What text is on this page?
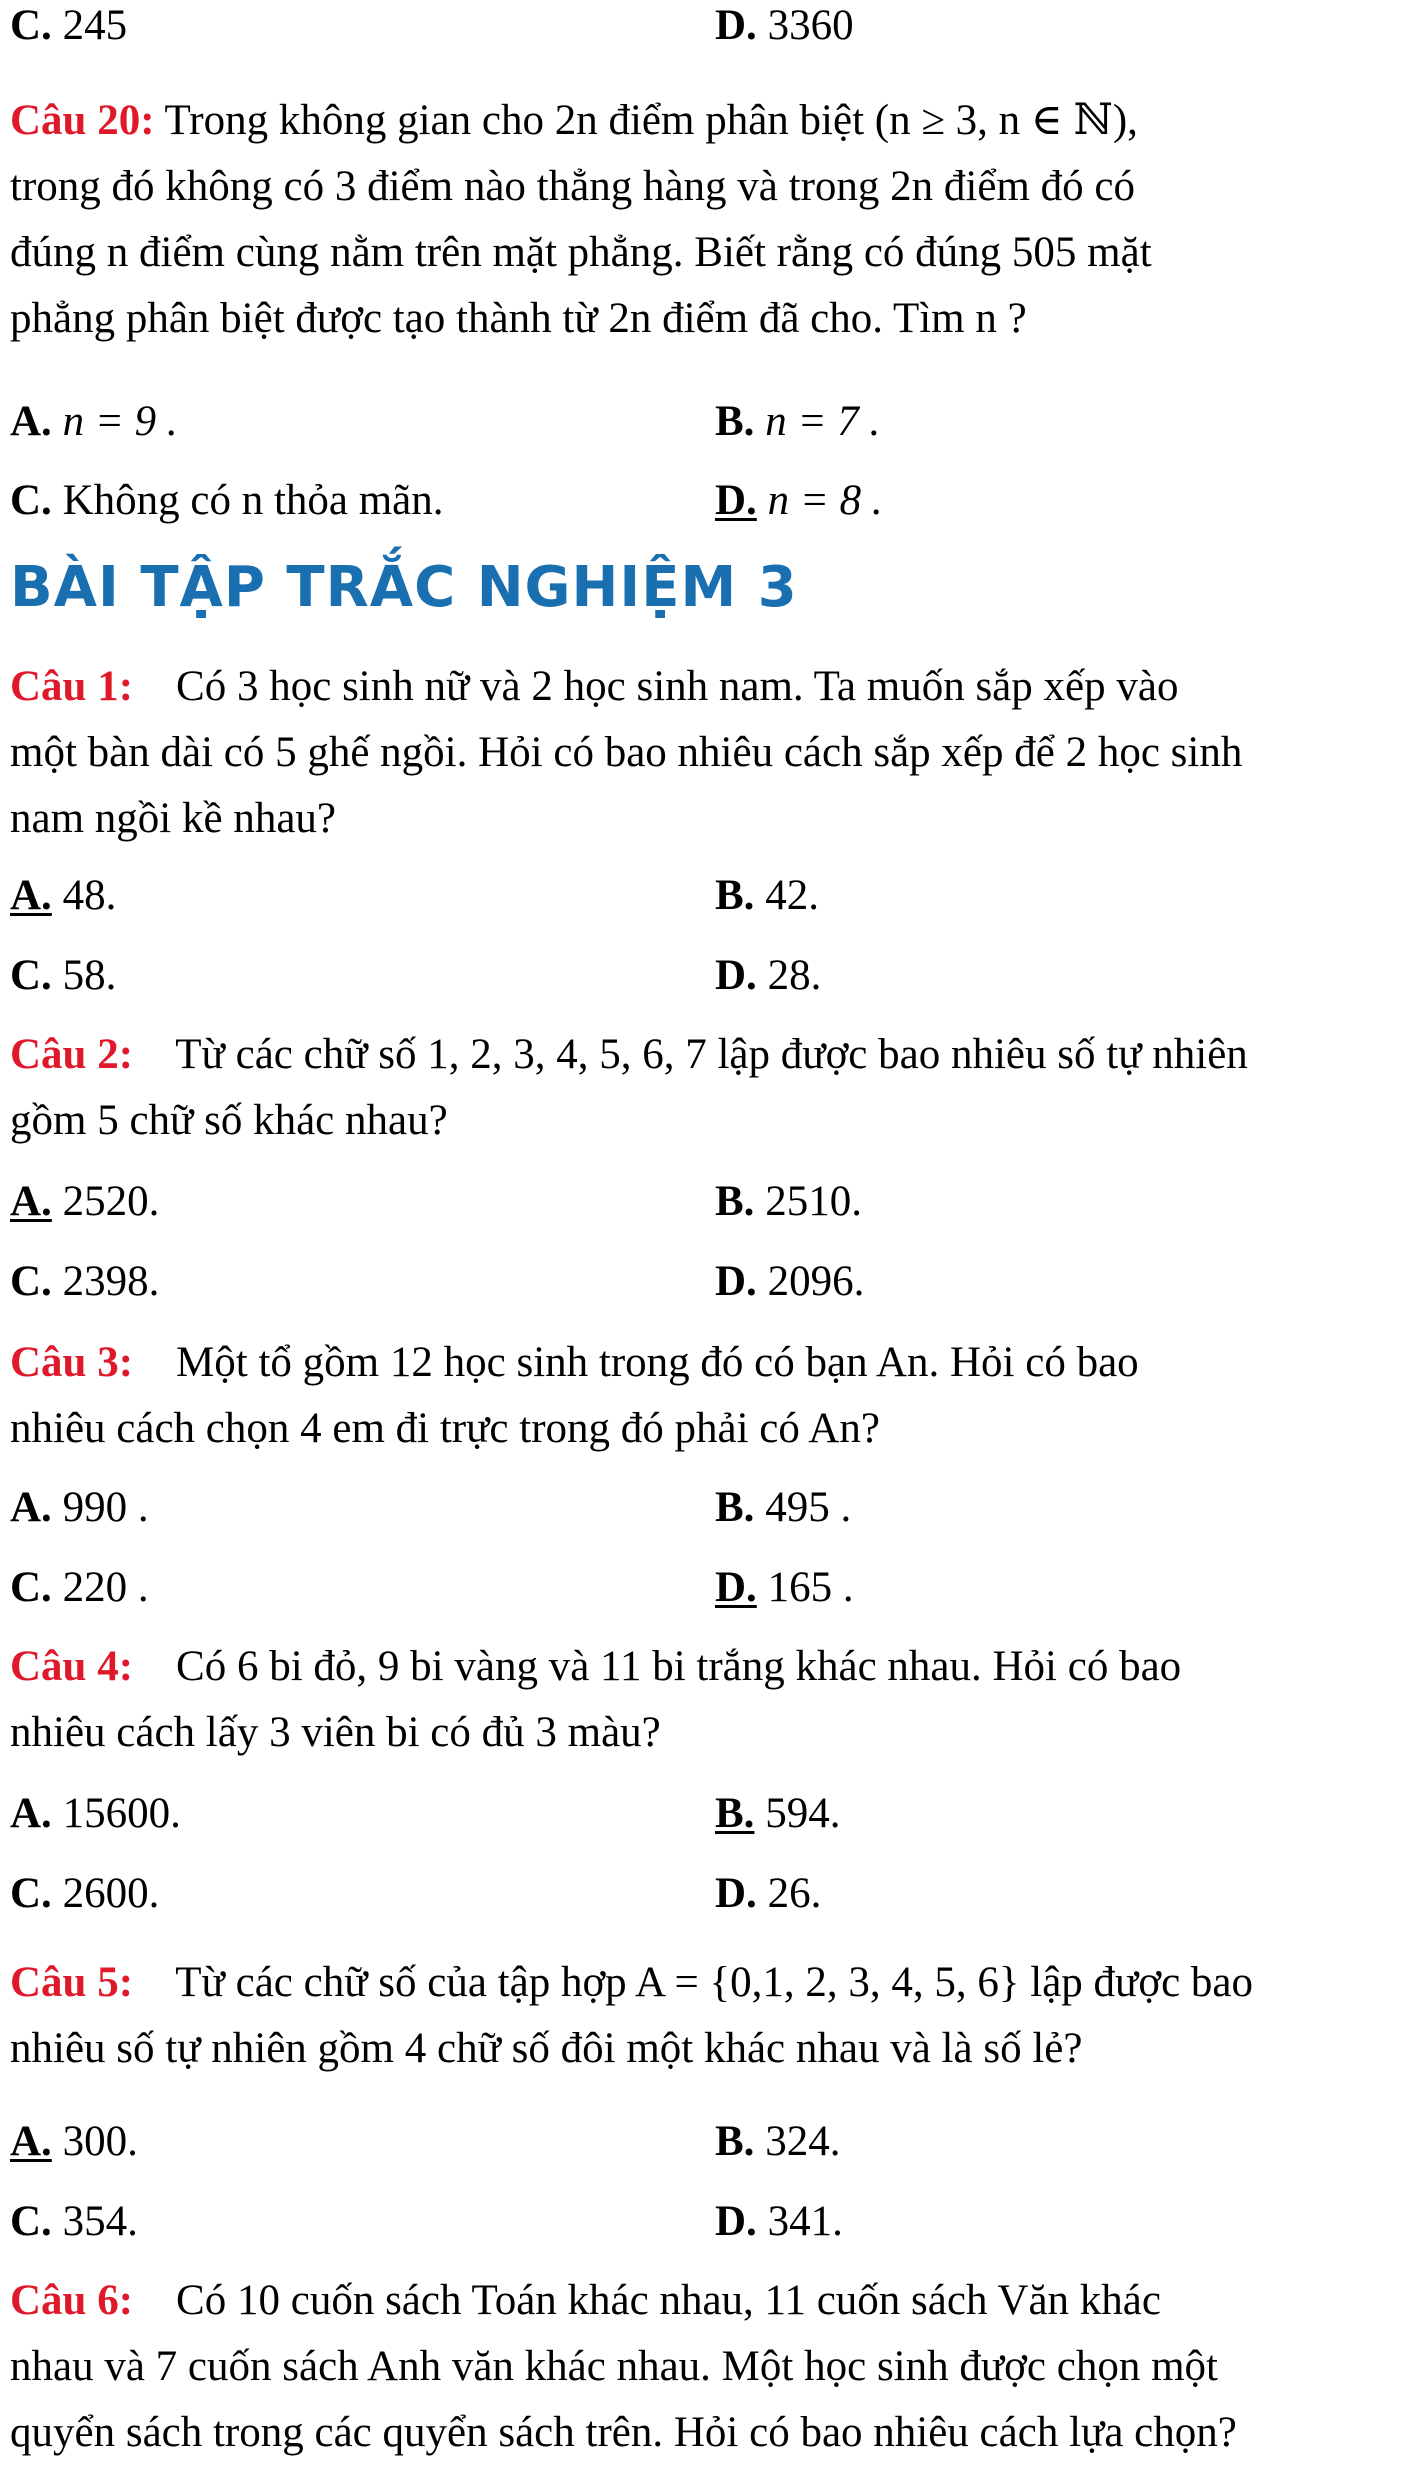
C. 245	D. 3360
Câu 20: Trong không gian cho 2n điểm phân biệt (n ≥ 3, n ∈ ℕ),
trong đó không có 3 điểm nào thẳng hàng và trong 2n điểm đó có
đúng n điểm cùng nằm trên mặt phẳng. Biết rằng có đúng 505 mặt
phẳng phân biệt được tạo thành từ 2n điểm đã cho. Tìm n ?
A. n = 9 .	B. n = 7 .
C. Không có n thỏa mãn.	D. n = 8 .
BÀI TẬP TRẮC NGHIỆM 3
Câu 1: Có 3 học sinh nữ và 2 học sinh nam. Ta muốn sắp xếp vào
một bàn dài có 5 ghế ngồi. Hỏi có bao nhiêu cách sắp xếp để 2 học sinh
nam ngồi kề nhau?
A. 48.	B. 42.
C. 58.	D. 28.
Câu 2: Từ các chữ số 1, 2, 3, 4, 5, 6, 7 lập được bao nhiêu số tự nhiên
gồm 5 chữ số khác nhau?
A. 2520.	B. 2510.
C. 2398.	D. 2096.
Câu 3: Một tổ gồm 12 học sinh trong đó có bạn An. Hỏi có bao
nhiêu cách chọn 4 em đi trực trong đó phải có An?
A. 990 .	B. 495 .
C. 220 .	D. 165 .
Câu 4: Có 6 bi đỏ, 9 bi vàng và 11 bi trắng khác nhau. Hỏi có bao
nhiêu cách lấy 3 viên bi có đủ 3 màu?
A. 15600.	B. 594.
C. 2600.	D. 26.
Câu 5: Từ các chữ số của tập hợp A = {0,1, 2, 3, 4, 5, 6} lập được bao
nhiêu số tự nhiên gồm 4 chữ số đôi một khác nhau và là số lẻ?
A. 300.	B. 324.
C. 354.	D. 341.
Câu 6: Có 10 cuốn sách Toán khác nhau, 11 cuốn sách Văn khác
nhau và 7 cuốn sách Anh văn khác nhau. Một học sinh được chọn một
quyển sách trong các quyển sách trên. Hỏi có bao nhiêu cách lựa chọn?
